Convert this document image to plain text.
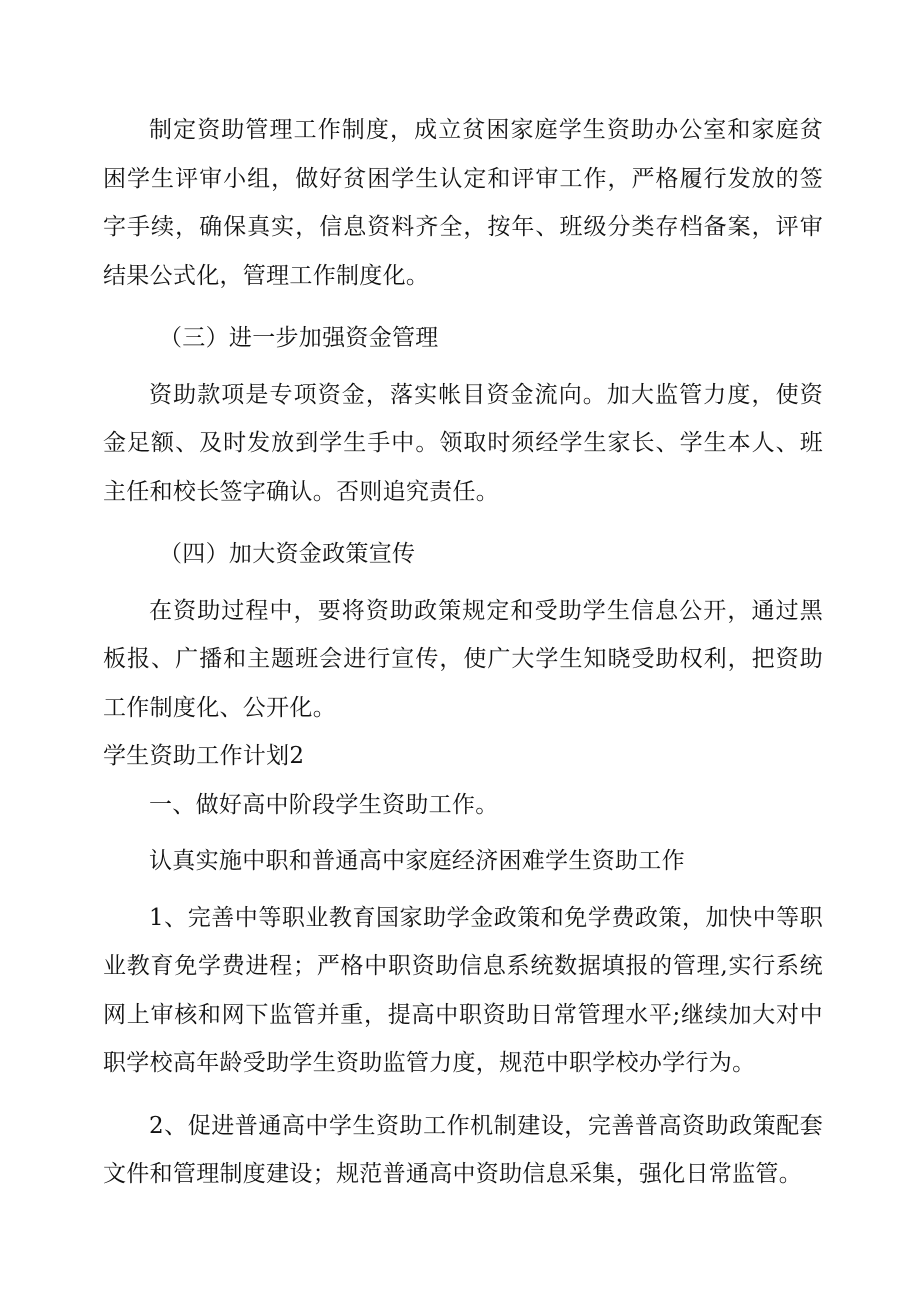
制定资助管理工作制度，成立贫困家庭学生资助办公室和家庭贫困学生评审小组，做好贫困学生认定和评审工作，严格履行发放的签字手续，确保真实，信息资料齐全，按年、班级分类存档备案，评审结果公式化，管理工作制度化。

（三）进一步加强资金管理

资助款项是专项资金，落实帐目资金流向。加大监管力度，使资金足额、及时发放到学生手中。领取时须经学生家长、学生本人、班主任和校长签字确认。否则追究责任。

（四）加大资金政策宣传

在资助过程中，要将资助政策规定和受助学生信息公开，通过黑板报、广播和主题班会进行宣传，使广大学生知晓受助权利，把资助工作制度化、公开化。

学生资助工作计划2

一、做好高中阶段学生资助工作。

认真实施中职和普通高中家庭经济困难学生资助工作

1、完善中等职业教育国家助学金政策和免学费政策，加快中等职业教育免学费进程；严格中职资助信息系统数据填报的管理,实行系统网上审核和网下监管并重，提高中职资助日常管理水平;继续加大对中职学校高年龄受助学生资助监管力度，规范中职学校办学行为。

2、促进普通高中学生资助工作机制建设，完善普高资助政策配套文件和管理制度建设；规范普通高中资助信息采集，强化日常监管。
